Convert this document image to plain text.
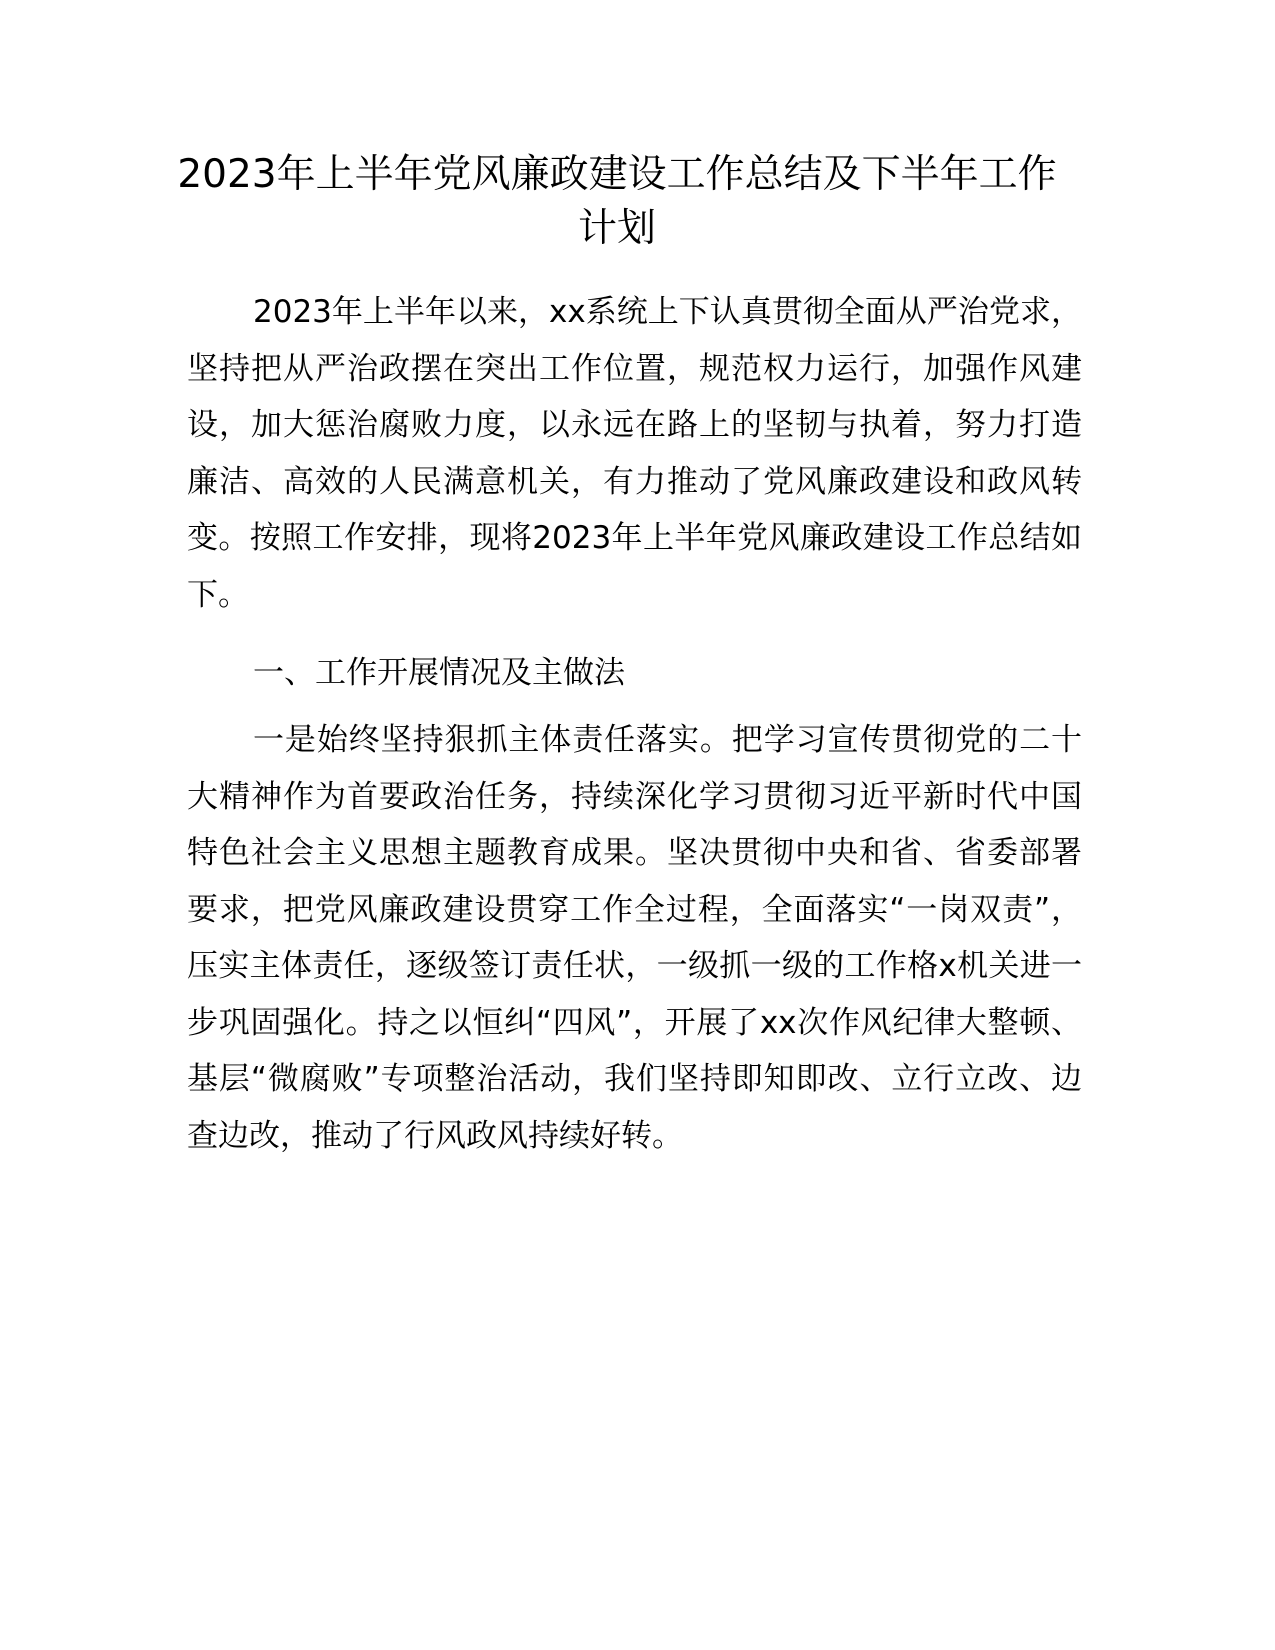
2023年上半年党风廉政建设工作总结及下半年工作计划

2023年上半年以来，xx系统上下认真贯彻全面从严治党求，坚持把从严治政摆在突出工作位置，规范权力运行，加强作风建设，加大惩治腐败力度，以永远在路上的坚韧与执着，努力打造廉洁、高效的人民满意机关，有力推动了党风廉政建设和政风转变。按照工作安排，现将2023年上半年党风廉政建设工作总结如下。

一、工作开展情况及主做法

一是始终坚持狠抓主体责任落实。把学习宣传贯彻党的二十大精神作为首要政治任务，持续深化学习贯彻习近平新时代中国特色社会主义思想主题教育成果。坚决贯彻中央和省、省委部署要求，把党风廉政建设贯穿工作全过程，全面落实“一岗双责”，压实主体责任，逐级签订责任状，一级抓一级的工作格x机关进一步巩固强化。持之以恒纠“四风”，开展了xx次作风纪律大整顿、基层“微腐败”专项整治活动，我们坚持即知即改、立行立改、边查边改，推动了行风政风持续好转。
